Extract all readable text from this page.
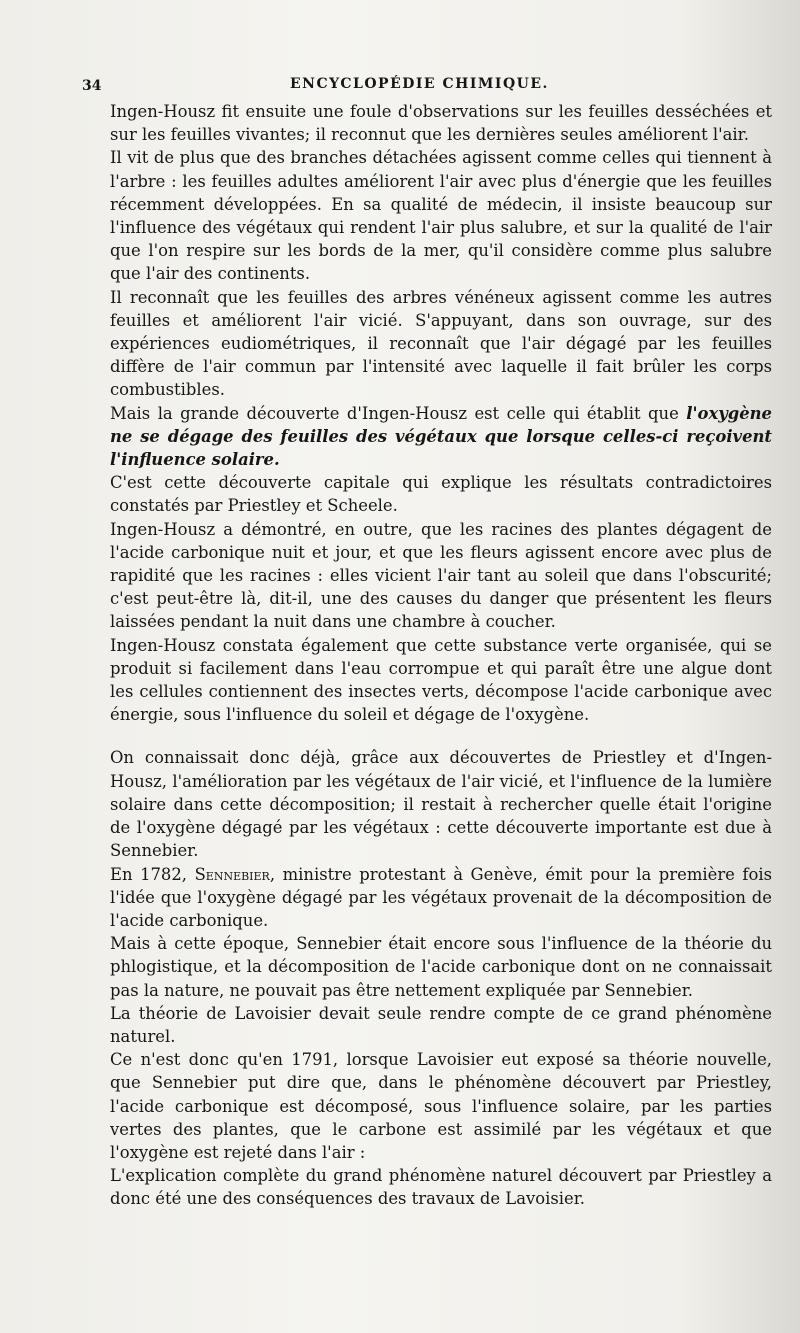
34	ENCYCLOPÉDIE CHIMIQUE.

Ingen-Housz fit ensuite une foule d'observations sur les feuilles desséchées et sur les feuilles vivantes; il reconnut que les dernières seules améliorent l'air.

Il vit de plus que des branches détachées agissent comme celles qui tiennent à l'arbre : les feuilles adultes améliorent l'air avec plus d'énergie que les feuilles récemment développées. En sa qualité de médecin, il insiste beaucoup sur l'influence des végétaux qui rendent l'air plus salubre, et sur la qualité de l'air que l'on respire sur les bords de la mer, qu'il considère comme plus salubre que l'air des continents.

Il reconnaît que les feuilles des arbres vénéneux agissent comme les autres feuilles et améliorent l'air vicié. S'appuyant, dans son ouvrage, sur des expériences eudiométriques, il reconnaît que l'air dégagé par les feuilles diffère de l'air commun par l'intensité avec laquelle il fait brûler les corps combustibles.

Mais la grande découverte d'Ingen-Housz est celle qui établit que l'oxygène ne se dégage des feuilles des végétaux que lorsque celles-ci reçoivent l'influence solaire.

C'est cette découverte capitale qui explique les résultats contradictoires constatés par Priestley et Scheele.

Ingen-Housz a démontré, en outre, que les racines des plantes dégagent de l'acide carbonique nuit et jour, et que les fleurs agissent encore avec plus de rapidité que les racines : elles vicient l'air tant au soleil que dans l'obscurité; c'est peut-être là, dit-il, une des causes du danger que présentent les fleurs laissées pendant la nuit dans une chambre à coucher.

Ingen-Housz constata également que cette substance verte organisée, qui se produit si facilement dans l'eau corrompue et qui paraît être une algue dont les cellules contiennent des insectes verts, décompose l'acide carbonique avec énergie, sous l'influence du soleil et dégage de l'oxygène.

On connaissait donc déjà, grâce aux découvertes de Priestley et d'Ingen-Housz, l'amélioration par les végétaux de l'air vicié, et l'influence de la lumière solaire dans cette décomposition; il restait à rechercher quelle était l'origine de l'oxygène dégagé par les végétaux : cette découverte importante est due à Sennebier.

En 1782, Sennebier, ministre protestant à Genève, émit pour la première fois l'idée que l'oxygène dégagé par les végétaux provenait de la décomposition de l'acide carbonique.

Mais à cette époque, Sennebier était encore sous l'influence de la théorie du phlogistique, et la décomposition de l'acide carbonique dont on ne connaissait pas la nature, ne pouvait pas être nettement expliquée par Sennebier.

La théorie de Lavoisier devait seule rendre compte de ce grand phénomène naturel.

Ce n'est donc qu'en 1791, lorsque Lavoisier eut exposé sa théorie nouvelle, que Sennebier put dire que, dans le phénomène découvert par Priestley, l'acide carbonique est décomposé, sous l'influence solaire, par les parties vertes des plantes, que le carbone est assimilé par les végétaux et que l'oxygène est rejeté dans l'air :

L'explication complète du grand phénomène naturel découvert par Priestley a donc été une des conséquences des travaux de Lavoisier.
